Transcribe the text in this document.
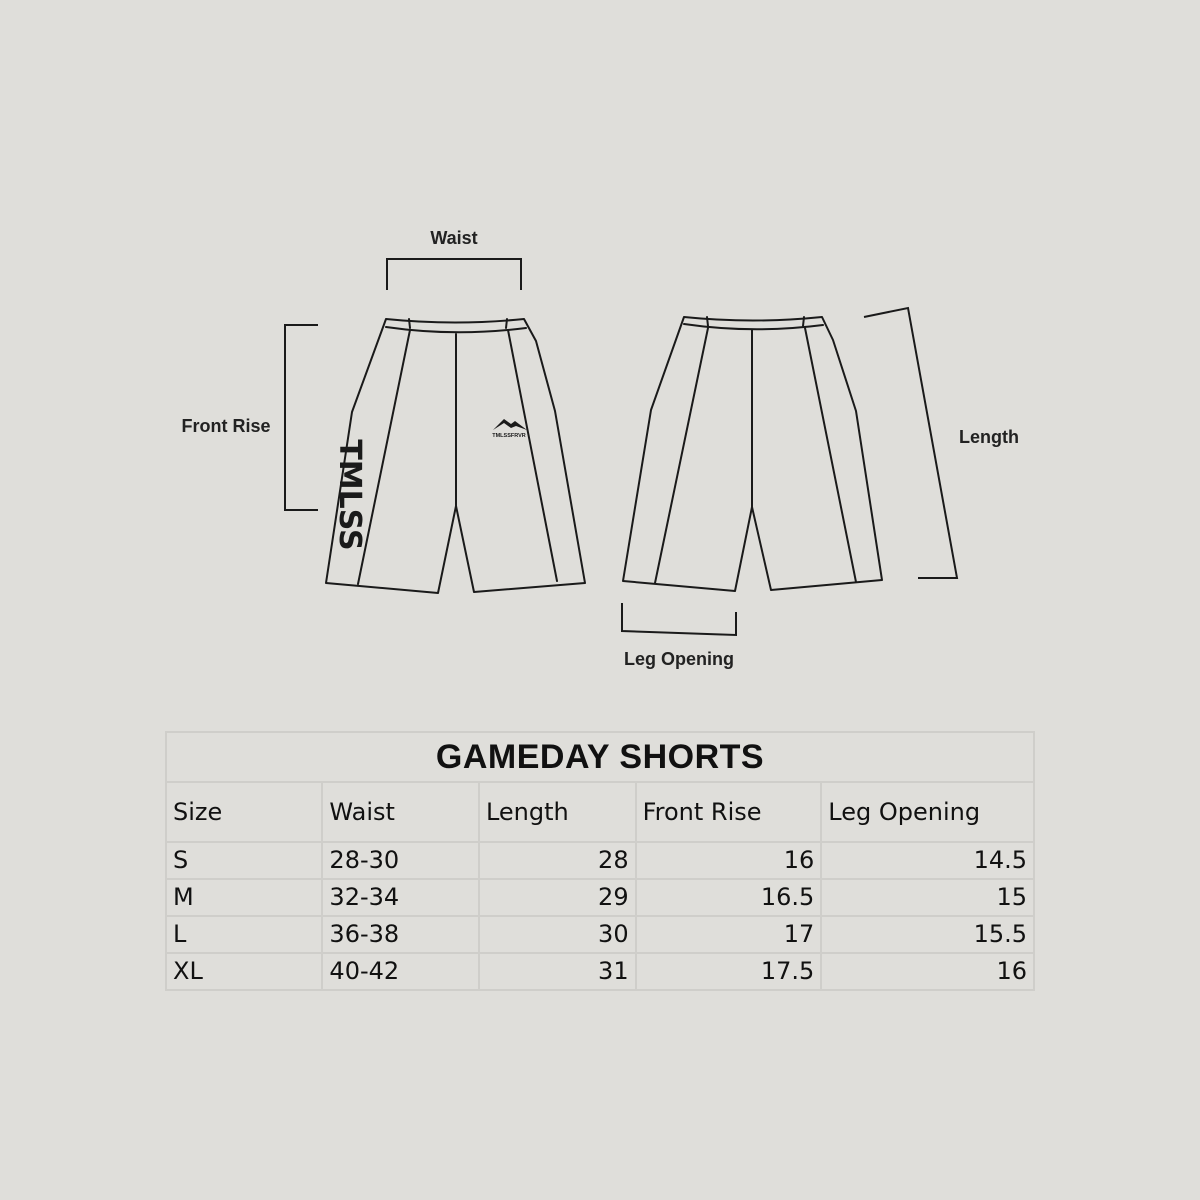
Waist
Front Rise
TMLSS
TMLSSFRVR	Length
Leg Opening
GAMEDAY SHORTS				
Size	Waist	Length	Front Rise	Leg Opening
S	28-30	28	16	14.5
M	32-34	29	16.5	15
L	36-38	30	17	15.5
XL	40-42	31	17.5	16
